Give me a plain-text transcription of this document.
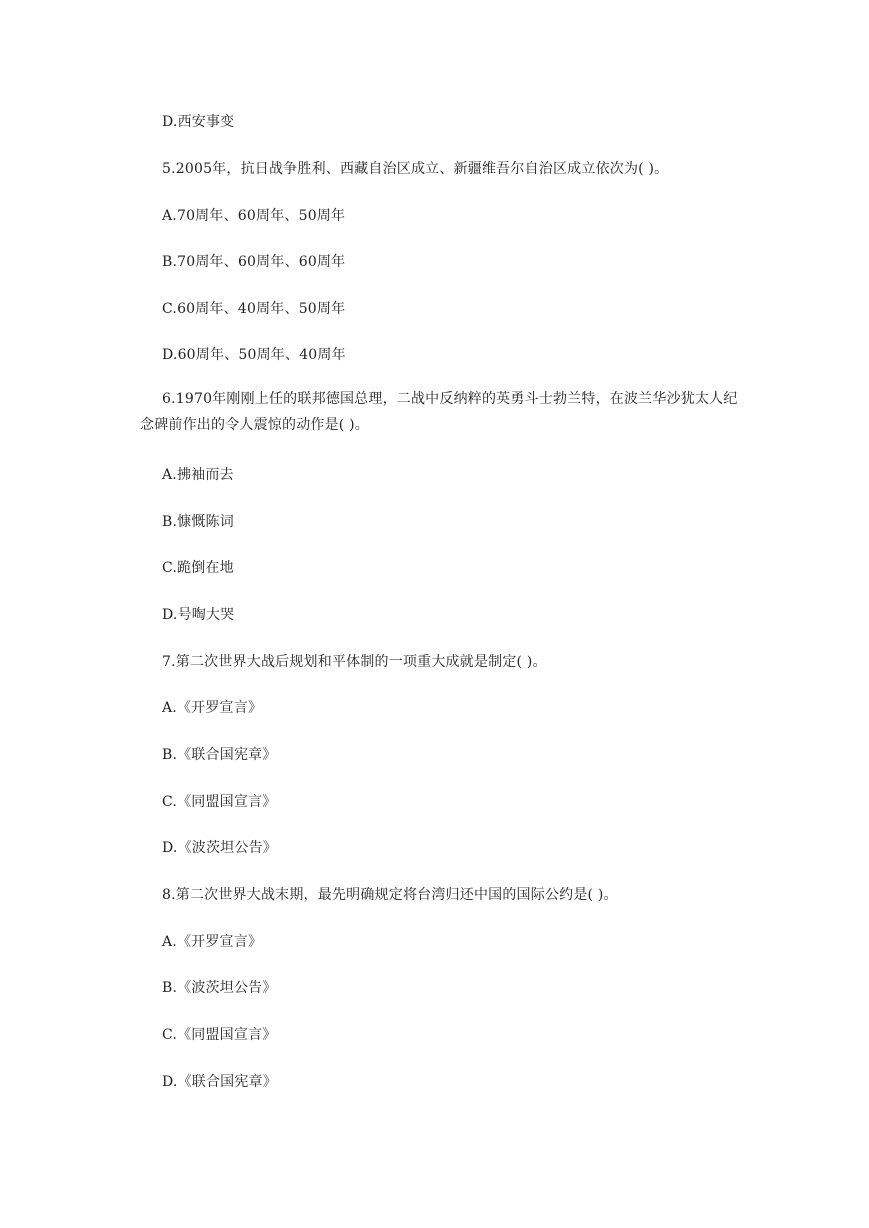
D.西安事变
5.2005年，抗日战争胜利、西藏自治区成立、新疆维吾尔自治区成立依次为( )。
A.70周年、60周年、50周年
B.70周年、60周年、60周年
C.60周年、40周年、50周年
D.60周年、50周年、40周年
6.1970年刚刚上任的联邦德国总理，二战中反纳粹的英勇斗士勃兰特，在波兰华沙犹太人纪念碑前作出的令人震惊的动作是( )。
A.拂袖而去
B.慷慨陈词
C.跪倒在地
D.号啕大哭
7.第二次世界大战后规划和平体制的一项重大成就是制定( )。
A.《开罗宣言》
B.《联合国宪章》
C.《同盟国宣言》
D.《波茨坦公告》
8.第二次世界大战末期，最先明确规定将台湾归还中国的国际公约是( )。
A.《开罗宣言》
B.《波茨坦公告》
C.《同盟国宣言》
D.《联合国宪章》
